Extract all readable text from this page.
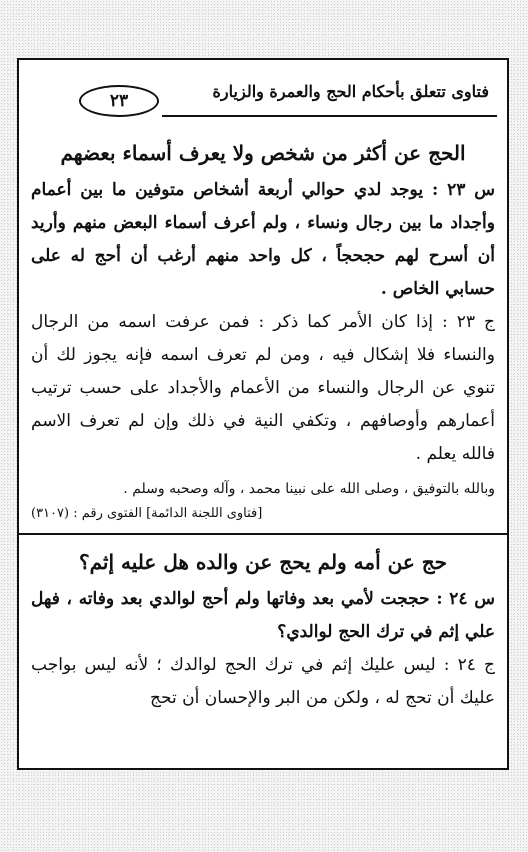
فتاوى تتعلق بأحكام الحج والعمرة والزيارة
٢٣
الحج عن أكثر من شخص ولا يعرف أسماء بعضهم

س ٢٣ : يوجد لدي حوالي أربعة أشخاص متوفين ما بين أعمام وأجداد ما بين رجال ونساء ، ولم أعرف أسماء البعض منهم وأريد أن أسرح لهم حجحجاً ، كل واحد منهم أرغب أن أحج له على حسابي الخاص .

ج ٢٣ : إذا كان الأمر كما ذكر : فمن عرفت اسمه من الرجال والنساء فلا إشكال فيه ، ومن لم تعرف اسمه فإنه يجوز لك أن تنوي عن الرجال والنساء من الأعمام والأجداد على حسب ترتيب أعمارهم وأوصافهم ، وتكفي النية في ذلك وإن لم تعرف الاسم فالله يعلم .

وبالله بالتوفيق ، وصلى الله على نبينا محمد ، وآله وصحبه وسلم .

[فتاوى اللجنة الدائمة] الفتوى رقم : (٣١٠٧)

حج عن أمه ولم يحج عن والده هل عليه إثم؟

س ٢٤ : حججت لأمي بعد وفاتها ولم أحج لوالدي بعد وفاته ، فهل علي إثم في ترك الحج لوالدي؟

ج ٢٤ : ليس عليك إثم في ترك الحج لوالدك ؛ لأنه ليس بواجب عليك أن تحج له ، ولكن من البر والإحسان أن تحج
